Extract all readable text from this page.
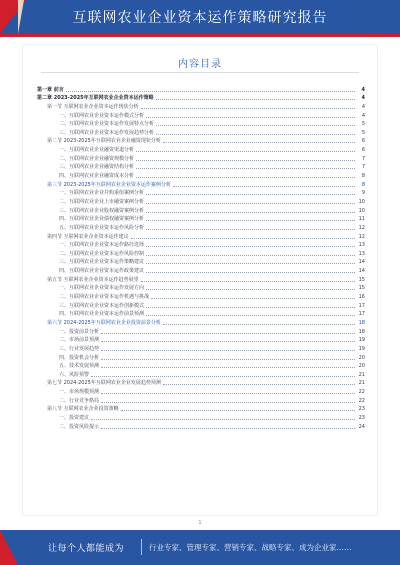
互联网农业企业资本运作策略研究报告
内容目录
第一章 前言	4
第二章 2023-2025年互联网农业企业资本运作策略	4
第一节 互联网农业企业资本运作现状分析	4
一、互联网农业企业资本运作模式分析	4
二、互联网农业企业资本运作发展特点分析	5
三、互联网农业企业资本运作发展趋势分析	5
第二节 2023-2025年互联网农业企业融资现状分析	6
一、互联网农业企业融资渠道分析	6
二、互联网农业企业融资规模分析	7
三、互联网农业企业融资结构分析	7
四、互联网农业企业融资成本分析	8
第三节 2023-2025年互联网农业企业资本运作案例分析	8
一、互联网农业企业并购重组案例分析	9
二、互联网农业企业上市融资案例分析	10
三、互联网农业企业股权融资案例分析	10
四、互联网农业企业债权融资案例分析	11
五、互联网农业企业资本运作风险分析	12
第四节 互联网农业企业资本运作建议	12
一、互联网农业企业资本运作路径选择	13
二、互联网农业企业资本运作风险控制	13
三、互联网农业企业资本运作策略建议	14
四、互联网农业企业资本运作政策建议	14
第五节 互联网农业企业资本运作趋势展望	15
一、互联网农业企业资本运作发展方向	15
二、互联网农业企业资本运作机遇与挑战	16
三、互联网农业企业资本运作创新模式	17
四、互联网农业企业资本运作前景预测	17
第六节 2024-2025年互联网农业企业投资前景分析	18
一、投资前景分析	18
二、市场前景预测	19
三、行业发展趋势	19
四、投资机会分析	20
五、技术发展预测	20
六、风险预警	21
第七节 2024-2025年互联网农业企业发展趋势预测	21
一、市场规模预测	22
二、行业竞争格局	22
第八节 互联网农业企业投资策略	23
一、投资建议	23
二、投资风险提示	24
1
让每个人都能成为	行业专家、管理专家、营销专家、战略专家、成为企业家……
